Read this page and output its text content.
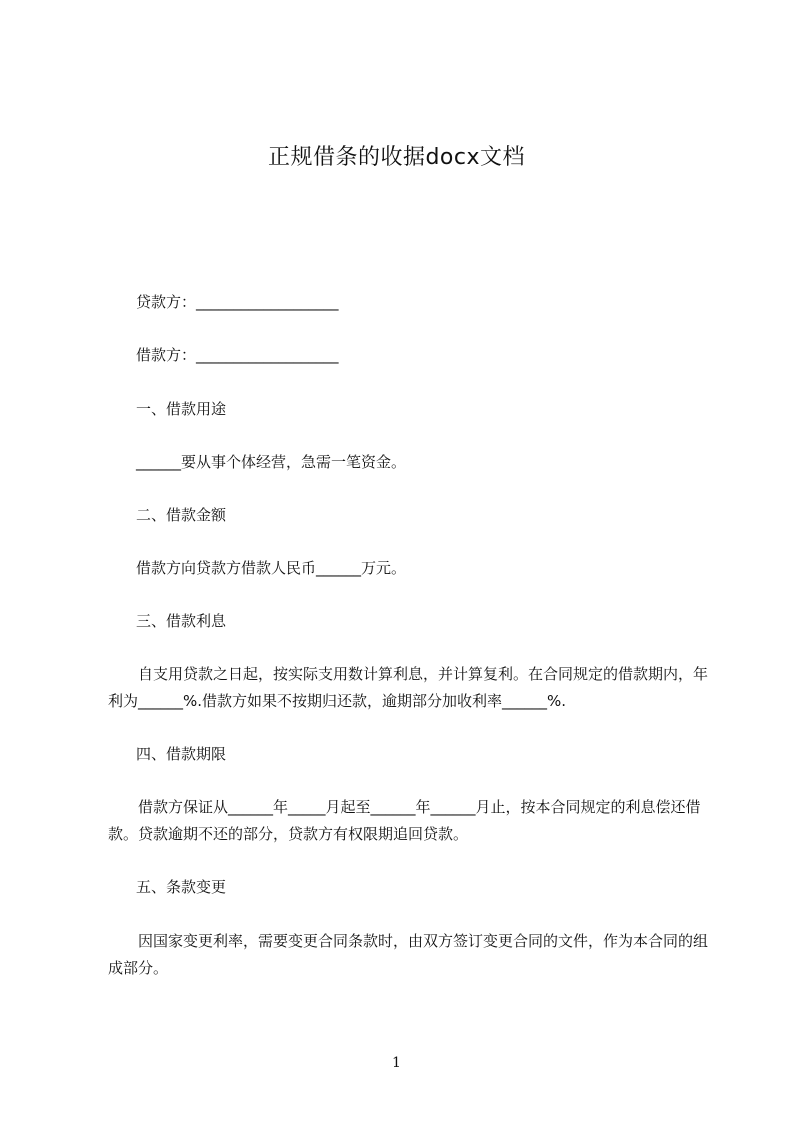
正规借条的收据docx文档
贷款方：___________________
借款方：___________________
一、借款用途
______要从事个体经营，急需一笔资金。
二、借款金额
借款方向贷款方借款人民币______万元。
三、借款利息
自支用贷款之日起，按实际支用数计算利息，并计算复利。在合同规定的借款期内，年利为______%.借款方如果不按期归还款，逾期部分加收利率______%.
四、借款期限
借款方保证从______年_____月起至______年______月止，按本合同规定的利息偿还借款。贷款逾期不还的部分，贷款方有权限期追回贷款。
五、条款变更
因国家变更利率，需要变更合同条款时，由双方签订变更合同的文件，作为本合同的组成部分。
1
